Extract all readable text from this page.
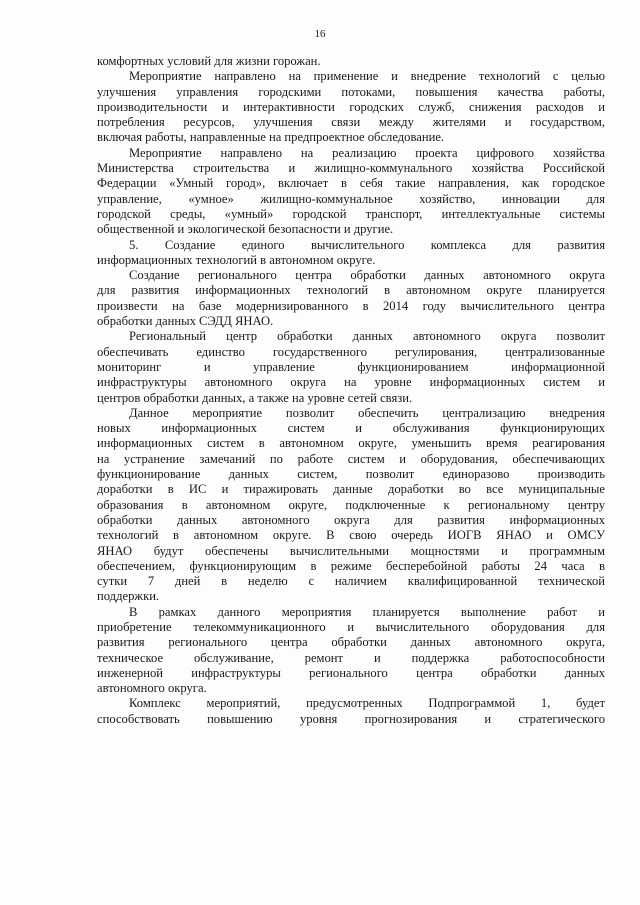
16
комфортных условий для жизни горожан.
Мероприятие направлено на применение и внедрение технологий с целью
улучшения управления городскими потоками, повышения качества работы,
производительности и интерактивности городских служб, снижения расходов и
потребления ресурсов, улучшения связи между жителями и государством,
включая работы, направленные на предпроектное обследование.
Мероприятие направлено на реализацию проекта цифрового хозяйства
Министерства строительства и жилищно-коммунального хозяйства Российской
Федерации «Умный город», включает в себя такие направления, как городское
управление, «умное» жилищно-коммунальное хозяйство, инновации для
городской среды, «умный» городской транспорт, интеллектуальные системы
общественной и экологической безопасности и другие.
5. Создание единого вычислительного комплекса для развития
информационных технологий в автономном округе.
Создание регионального центра обработки данных автономного округа
для развития информационных технологий в автономном округе планируется
произвести на базе модернизированного в 2014 году вычислительного центра
обработки данных СЭДД ЯНАО.
Региональный центр обработки данных автономного округа позволит
обеспечивать единство государственного регулирования, централизованные
мониторинг и управление функционированием информационной
инфраструктуры автономного округа на уровне информационных систем и
центров обработки данных, а также на уровне сетей связи.
Данное мероприятие позволит обеспечить централизацию внедрения
новых информационных систем и обслуживания функционирующих
информационных систем в автономном округе, уменьшить время реагирования
на устранение замечаний по работе систем и оборудования, обеспечивающих
функционирование данных систем, позволит единоразово производить
доработки в ИС и тиражировать данные доработки во все муниципальные
образования в автономном округе, подключенные к региональному центру
обработки данных автономного округа для развития информационных
технологий в автономном округе. В свою очередь ИОГВ ЯНАО и ОМСУ
ЯНАО будут обеспечены вычислительными мощностями и программным
обеспечением, функционирующим в режиме бесперебойной работы 24 часа в
сутки 7 дней в неделю с наличием квалифицированной технической
поддержки.
В рамках данного мероприятия планируется выполнение работ и
приобретение телекоммуникационного и вычислительного оборудования для
развития регионального центра обработки данных автономного округа,
техническое обслуживание, ремонт и поддержка работоспособности
инженерной инфраструктуры регионального центра обработки данных
автономного округа.
Комплекс мероприятий, предусмотренных Подпрограммой 1, будет
способствовать повышению уровня прогнозирования и стратегического
